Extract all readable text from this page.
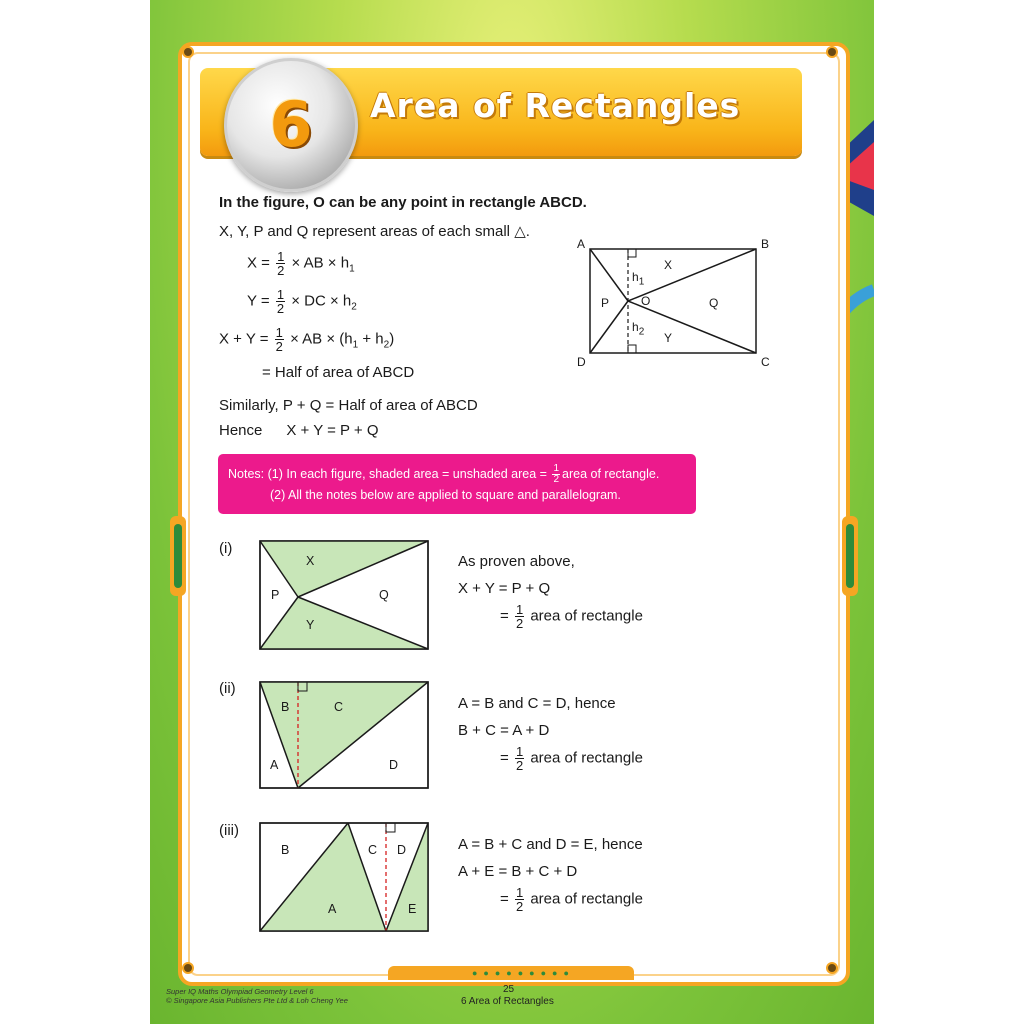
6	Area of Rectangles
In the figure, O can be any point in rectangle ABCD.
X, Y, P and Q represent areas of each small △.
$X = \frac{1}{2}$ × AB × $h_1$
$Y = \frac{1}{2}$ × DC × $h_2$
$X + Y = \frac{1}{2}$ × AB × $(h_1 + h_2)$
= Half of area of ABCD
Similarly, P + Q = Half of area of ABCD
Hence X + Y = P + Q
A	B
C
D
O
X
Y
P	Q
$h_1$
$h_2$
Notes: (1) In each figure, shaded area = unshaded area = $\frac{1}{2}$ area of rectangle.
(2) All the notes below are applied to square and parallelogram.
(i)
X
P	Q
Y
As proven above,
X + Y = P + Q
= $\frac{1}{2}$ area of rectangle
(ii)
B	C
A	D
A = B and C = D, hence
B + C = A + D
= $\frac{1}{2}$ area of rectangle
(iii)
B	C D
A	E
A = B + C and D = E, hence
A + E = B + C + D
= $\frac{1}{2}$ area of rectangle
●●●●●●●●●
Super IQ Maths Olympiad Geometry Level 6
© Singapore Asia Publishers Pte Ltd & Loh Cheng Yee
25
6 Area of Rectangles
